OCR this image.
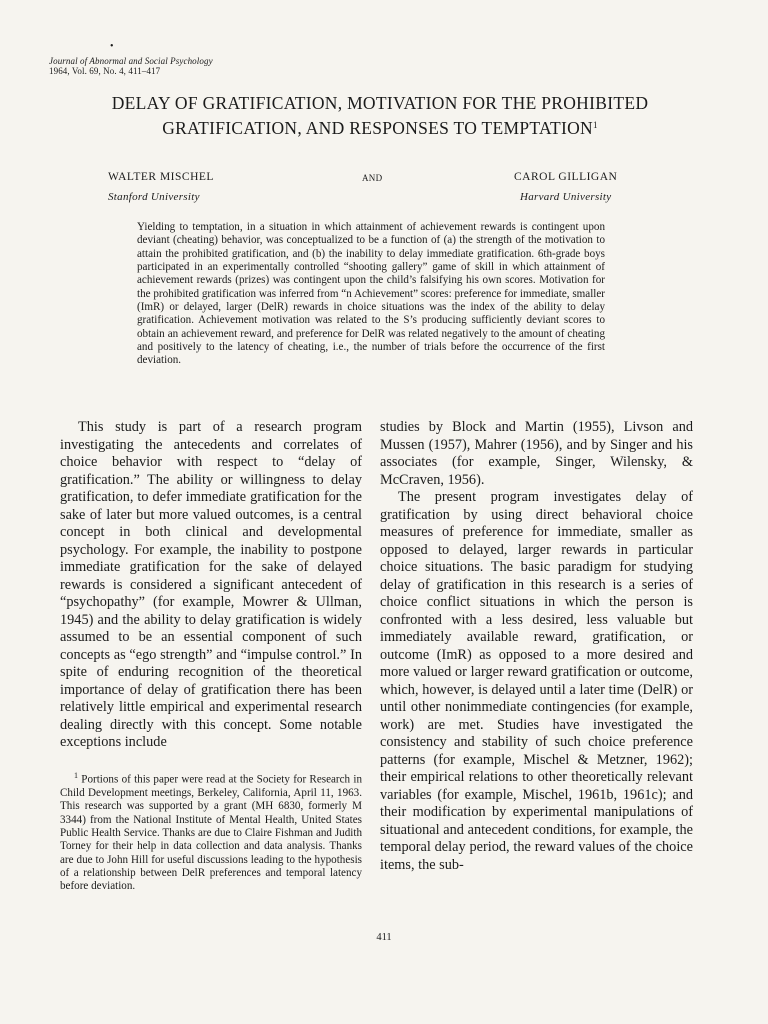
•
Journal of Abnormal and Social Psychology
1964, Vol. 69, No. 4, 411–417
DELAY OF GRATIFICATION, MOTIVATION FOR THE PROHIBITED GRATIFICATION, AND RESPONSES TO TEMPTATION$^1$
WALTER MISCHEL
Stanford University
AND	CAROL GILLIGAN
Harvard University
Yielding to temptation, in a situation in which attainment of achievement rewards is contingent upon deviant (cheating) behavior, was conceptualized to be a function of (a) the strength of the motivation to attain the prohibited gratification, and (b) the inability to delay immediate gratification. 6th-grade boys participated in an experimentally controlled “shooting gallery” game of skill in which attainment of achievement rewards (prizes) was contingent upon the child’s falsifying his own scores. Motivation for the prohibited gratification was inferred from “n Achievement” scores: preference for immediate, smaller (ImR) or delayed, larger (DelR) rewards in choice situations was the index of the ability to delay gratification. Achievement motivation was related to the S’s producing sufficiently deviant scores to obtain an achievement reward, and preference for DelR was related negatively to the amount of cheating and positively to the latency of cheating, i.e., the number of trials before the occurrence of the first deviation.

This study is part of a research program investigating the antecedents and correlates of choice behavior with respect to “delay of gratification.” The ability or willingness to delay gratification, to defer immediate gratification for the sake of later but more valued outcomes, is a central concept in both clinical and developmental psychology. For example, the inability to postpone immediate gratification for the sake of delayed rewards is considered a significant antecedent of “psychopathy” (for example, Mowrer & Ullman, 1945) and the ability to delay gratification is widely assumed to be an essential component of such concepts as “ego strength” and “impulse control.” In spite of enduring recognition of the theoretical importance of delay of gratification there has been relatively little empirical and experimental research dealing directly with this concept. Some notable exceptions include

$^1$ Portions of this paper were read at the Society for Research in Child Development meetings, Berkeley, California, April 11, 1963. This research was supported by a grant (MH 6830, formerly M 3344) from the National Institute of Mental Health, United States Public Health Service. Thanks are due to Claire Fishman and Judith Torney for their help in data collection and data analysis. Thanks are due to John Hill for useful discussions leading to the hypothesis of a relationship between DelR preferences and temporal latency before deviation.

studies by Block and Martin (1955), Livson and Mussen (1957), Mahrer (1956), and by Singer and his associates (for example, Singer, Wilensky, & McCraven, 1956).

The present program investigates delay of gratification by using direct behavioral choice measures of preference for immediate, smaller as opposed to delayed, larger rewards in particular choice situations. The basic paradigm for studying delay of gratification in this research is a series of choice conflict situations in which the person is confronted with a less desired, less valuable but immediately available reward, gratification, or outcome (ImR) as opposed to a more desired and more valued or larger reward gratification or outcome, which, however, is delayed until a later time (DelR) or until other nonimmediate contingencies (for example, work) are met. Studies have investigated the consistency and stability of such choice preference patterns (for example, Mischel & Metzner, 1962); their empirical relations to other theoretically relevant variables (for example, Mischel, 1961b, 1961c); and their modification by experimental manipulations of situational and antecedent conditions, for example, the temporal delay period, the reward values of the choice items, the sub-

411
